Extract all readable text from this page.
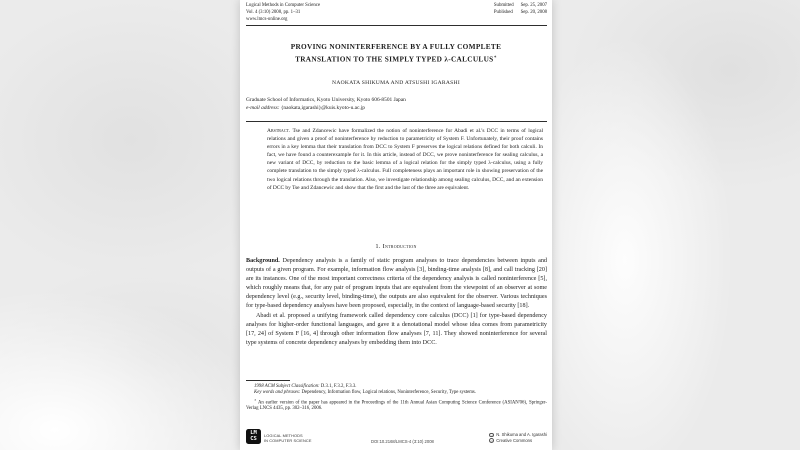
Logical Methods in Computer Science
Vol. 4 (3:10) 2008, pp. 1–31
www.lmcs-online.org
Submitted Sep. 25, 2007
Published Sep. 20, 2008
PROVING NONINTERFERENCE BY A FULLY COMPLETE
TRANSLATION TO THE SIMPLY TYPED λ-CALCULUS∗
NAOKATA SHIKUMA AND ATSUSHI IGARASHI
Graduate School of Informatics, Kyoto University, Kyoto 606-8501 Japan
e-mail address: {naokata,igarashi}@kuis.kyoto-u.ac.jp
Abstract. Tse and Zdancewic have formalized the notion of noninterference for Abadi et al.'s DCC in terms of logical relations and given a proof of noninterference by reduction to parametricity of System F. Unfortunately, their proof contains errors in a key lemma that their translation from DCC to System F preserves the logical relations defined for both calculi. In fact, we have found a counterexample for it. In this article, instead of DCC, we prove noninterference for sealing calculus, a new variant of DCC, by reduction to the basic lemma of a logical relation for the simply typed λ-calculus, using a fully complete translation to the simply typed λ-calculus. Full completeness plays an important role in showing preservation of the two logical relations through the translation. Also, we investigate relationship among sealing calculus, DCC, and an extension of DCC by Tse and Zdancewic and show that the first and the last of the three are equivalent.
1. Introduction

Background. Dependency analysis is a family of static program analyses to trace dependencies between inputs and outputs of a given program. For example, information flow analysis [3], binding-time analysis [8], and call tracking [20] are its instances. One of the most important correctness criteria of the dependency analysis is called noninterference [5], which roughly means that, for any pair of program inputs that are equivalent from the viewpoint of an observer at some dependency level (e.g., security level, binding-time), the outputs are also equivalent for the observer. Various techniques for type-based dependency analyses have been proposed, especially, in the context of language-based security [18].

Abadi et al. proposed a unifying framework called dependency core calculus (DCC) [1] for type-based dependency analyses for higher-order functional languages, and gave it a denotational model whose idea comes from parametricity [17, 24] of System F [16, 4] through other information flow analyses [7, 11]. They showed noninterference for several type systems of concrete dependency analyses by embedding them into DCC.

1998 ACM Subject Classification: D.3.1, F.3.2, F.3.3.

Key words and phrases: Dependency, Information flow, Logical relations, Noninterference, Security, Type systems.

∗ An earlier version of the paper has appeared in the Proceedings of the 11th Annual Asian Computing Science Conference (ASIAN'06), Springer-Verlag LNCS 4435, pp. 302–316, 2006.

LM
CS
LOGICAL METHODS
IN COMPUTER SCIENCE	DOI:10.2168/LMCS-4 (3:10) 2008
c N. Shikuma and A. Igarashi
cc Creative Commons
